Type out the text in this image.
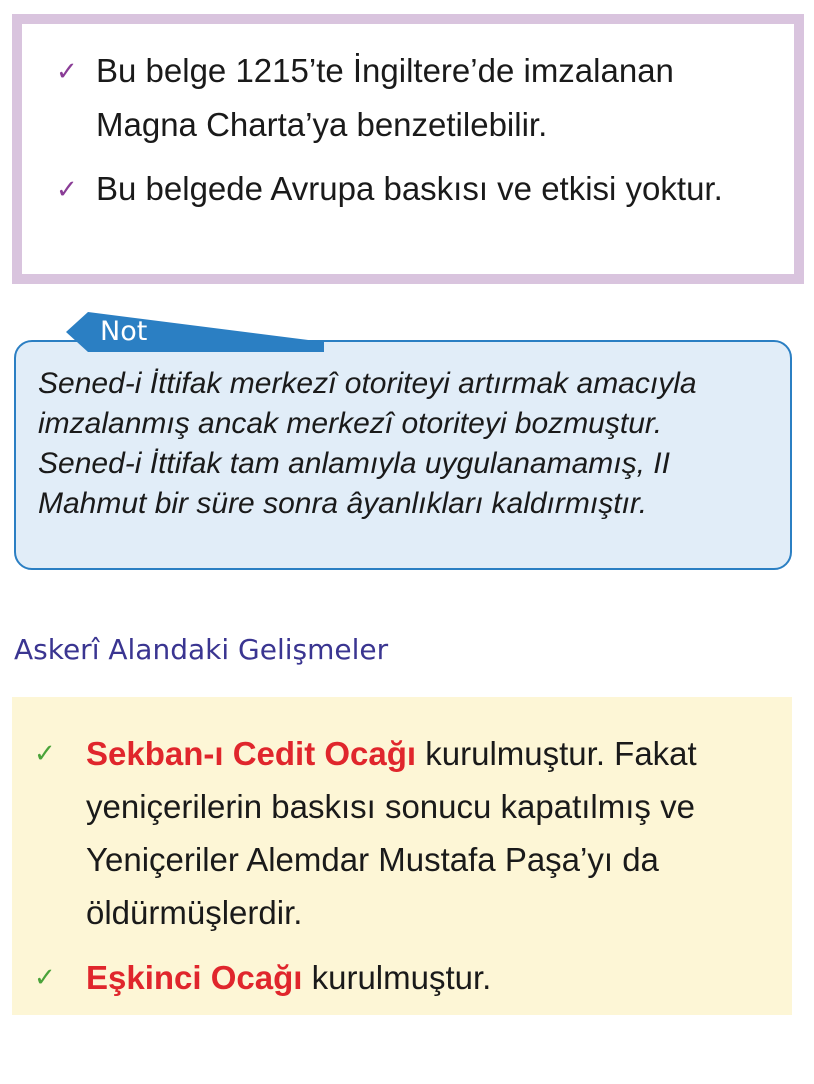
✓ Bu belge 1215’te İngiltere’de imzalanan Magna Charta’ya benzetilebilir.
✓ Bu belgede Avrupa baskısı ve etkisi yoktur.
Sened-i İttifak merkezî otoriteyi artırmak amacıyla imzalanmış ancak merkezî otoriteyi bozmuştur. Sened-i İttifak tam anlamıyla uygulanamamış, II Mahmut bir süre sonra âyanlıkları kaldırmıştır.
Not
Askerî Alandaki Gelişmeler
✓ Sekban-ı Cedit Ocağı kurulmuştur. Fakat yeniçerilerin baskısı sonucu kapatılmış ve Yeniçeriler Alemdar Mustafa Paşa’yı da öldürmüşlerdir.
✓ Eşkinci Ocağı kurulmuştur.
